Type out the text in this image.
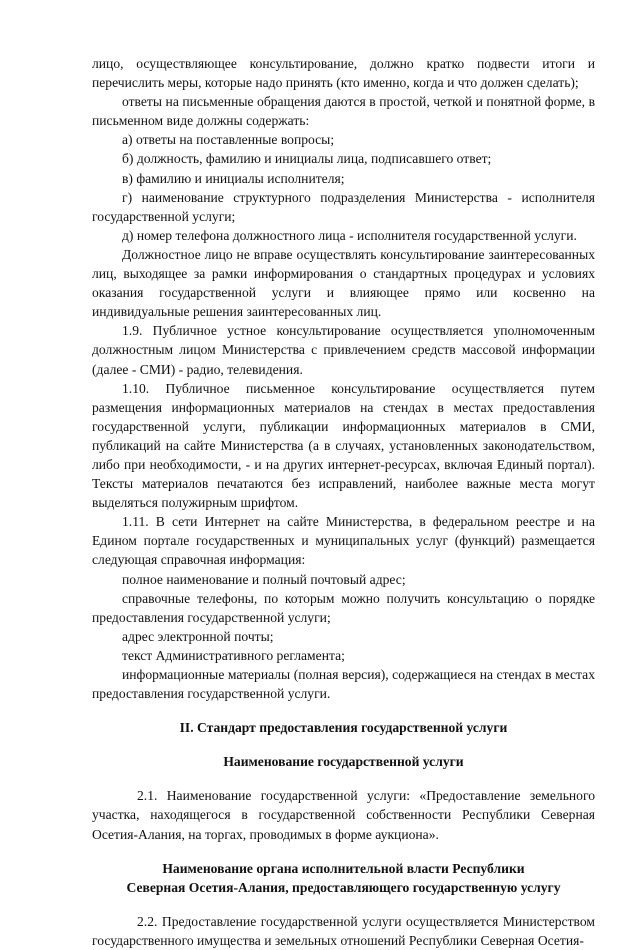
лицо, осуществляющее консультирование, должно кратко подвести итоги и перечислить меры, которые надо принять (кто именно, когда и что должен сделать);

ответы на письменные обращения даются в простой, четкой и понятной форме, в письменном виде должны содержать:

а) ответы на поставленные вопросы;

б) должность, фамилию и инициалы лица, подписавшего ответ;

в) фамилию и инициалы исполнителя;

г) наименование структурного подразделения Министерства - исполнителя государственной услуги;

д) номер телефона должностного лица - исполнителя государственной услуги.

Должностное лицо не вправе осуществлять консультирование заинтересованных лиц, выходящее за рамки информирования о стандартных процедурах и условиях оказания государственной услуги и влияющее прямо или косвенно на индивидуальные решения заинтересованных лиц.

1.9. Публичное устное консультирование осуществляется уполномоченным должностным лицом Министерства с привлечением средств массовой информации (далее - СМИ) - радио, телевидения.

1.10. Публичное письменное консультирование осуществляется путем размещения информационных материалов на стендах в местах предоставления государственной услуги, публикации информационных материалов в СМИ, публикаций на сайте Министерства (а в случаях, установленных законодательством, либо при необходимости, - и на других интернет-ресурсах, включая Единый портал). Тексты материалов печатаются без исправлений, наиболее важные места могут выделяться полужирным шрифтом.

1.11. В сети Интернет на сайте Министерства, в федеральном реестре и на Едином портале государственных и муниципальных услуг (функций) размещается следующая справочная информация:

полное наименование и полный почтовый адрес;

справочные телефоны, по которым можно получить консультацию о порядке предоставления государственной услуги;

адрес электронной почты;

текст Административного регламента;

информационные материалы (полная версия), содержащиеся на стендах в местах предоставления государственной услуги.

II. Стандарт предоставления государственной услуги

Наименование государственной услуги

2.1. Наименование государственной услуги: «Предоставление земельного участка, находящегося в государственной собственности Республики Северная Осетия-Алания, на торгах, проводимых в форме аукциона».

Наименование органа исполнительной власти Республики
Северная Осетия-Алания, предоставляющего государственную услугу

2.2. Предоставление государственной услуги осуществляется Министерством государственного имущества и земельных отношений Республики Северная Осетия-
